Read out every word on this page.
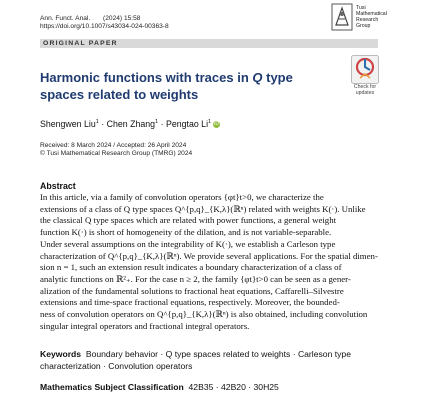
Ann. Funct. Anal. (2024) 15:58
https://doi.org/10.1007/s43034-024-00363-8
Tusi
Mathematical
Research
Group
ORIGINAL PAPER
Harmonic functions with traces in Q type spaces related to weights	Check for
updates
Shengwen Liu$^1$ · Chen Zhang$^1$ · Pengtao Li$^1$ iD
Received: 8 March 2024 / Accepted: 26 April 2024
© Tusi Mathematical Research Group (TMRG) 2024
Abstract
In this article, via a family of convolution operators {φt}t>0, we characterize the
extensions of a class of Q type spaces Q^{p,q}_{K,λ}(ℝⁿ) related with weights K(·). Unlike
the classical Q type spaces which are related with power functions, a general weight
function K(·) is short of homogeneity of the dilation, and is not variable-separable.
Under several assumptions on the integrability of K(·), we establish a Carleson type
characterization of Q^{p,q}_{K,λ}(ℝⁿ). We provide several applications. For the spatial dimen-
sion n = 1, such an extension result indicates a boundary characterization of a class of
analytic functions on ℝ²₊. For the case n ≥ 2, the family {φt}t>0 can be seen as a gener-
alization of the fundamental solutions to fractional heat equations, Caffarelli–Silvestre
extensions and time-space fractional equations, respectively. Moreover, the bounded-
ness of convolution operators on Q^{p,q}_{K,λ}(ℝⁿ) is also obtained, including convolution
singular integral operators and fractional integral operators.
Keywords Boundary behavior · Q type spaces related to weights · Carleson type characterization · Convolution operators
Mathematics Subject Classification 42B35 · 42B20 · 30H25
